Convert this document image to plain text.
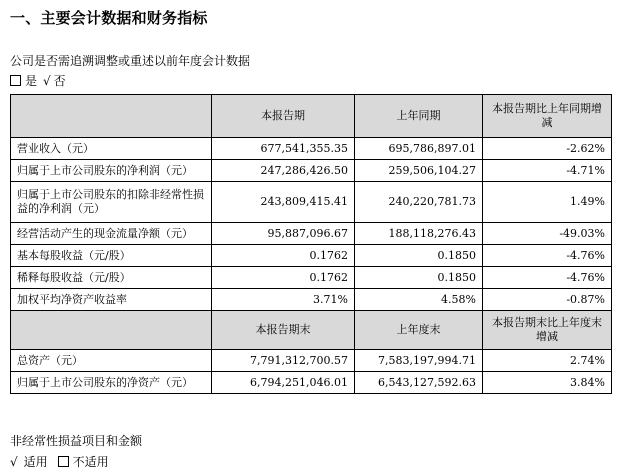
一、主要会计数据和财务指标
公司是否需追溯调整或重述以前年度会计数据
是 √ 否
	本报告期	上年同期	本报告期比上年同期增减
营业收入（元）	677,541,355.35	695,786,897.01	-2.62%
归属于上市公司股东的净利润（元）	247,286,426.50	259,506,104.27	-4.71%
归属于上市公司股东的扣除非经常性损益的净利润（元）	243,809,415.41	240,220,781.73	1.49%
经营活动产生的现金流量净额（元）	95,887,096.67	188,118,276.43	-49.03%
基本每股收益（元/股）	0.1762	0.1850	-4.76%
稀释每股收益（元/股）	0.1762	0.1850	-4.76%
加权平均净资产收益率	3.71%	4.58%	-0.87%
	本报告期末	上年度末	本报告期末比上年度末增减
总资产（元）	7,791,312,700.57	7,583,197,994.71	2.74%
归属于上市公司股东的净资产（元）	6,794,251,046.01	6,543,127,592.63	3.84%
非经常性损益项目和金额
√ 适用 不适用
